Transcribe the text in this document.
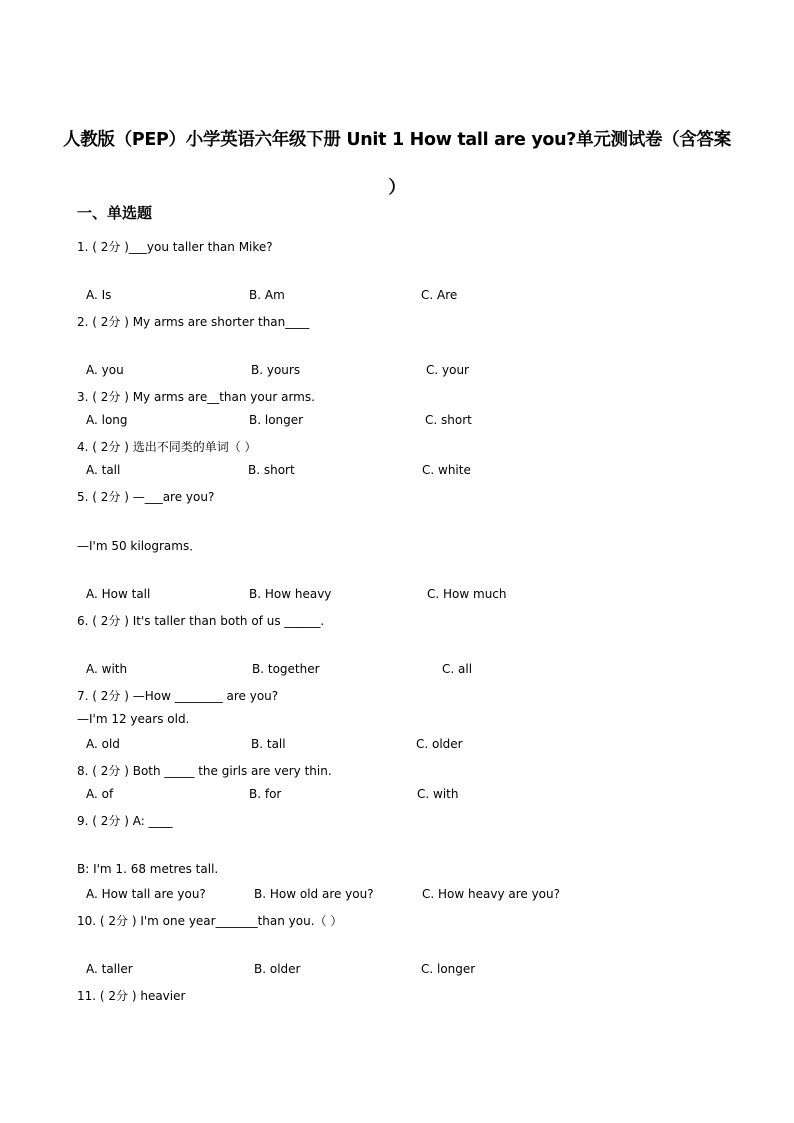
人教版（PEP）小学英语六年级下册 Unit 1 How tall are you?单元测试卷（含答案
）
一、单选题
1. ( 2分 )___you taller than Mike?
A. Is	B. Am	C. Are
2. ( 2分 ) My arms are shorter than____
A. you	B. yours	C. your
3. ( 2分 ) My arms are__than your arms.
A. long	B. longer	C. short
4. ( 2分 ) 选出不同类的单词（ ）
A. tall	B. short	C. white
5. ( 2分 ) —___are you?
—I'm 50 kilograms．
A. How tall	B. How heavy	C. How much
6. ( 2分 ) It's taller than both of us ______.
A. with	B. together	C. all
7. ( 2分 ) —How ________ are you?
—I'm 12 years old.
A. old	B. tall	C. older
8. ( 2分 ) Both _____ the girls are very thin.
A. of	B. for	C. with
9. ( 2分 ) A: ____
B: I'm 1. 68 metres tall.
A. How tall are you?	B. How old are you?	C. How heavy are you?
10. ( 2分 ) I'm one year_______than you.（ ）
A. taller	B. older	C. longer
11. ( 2分 ) heavier
